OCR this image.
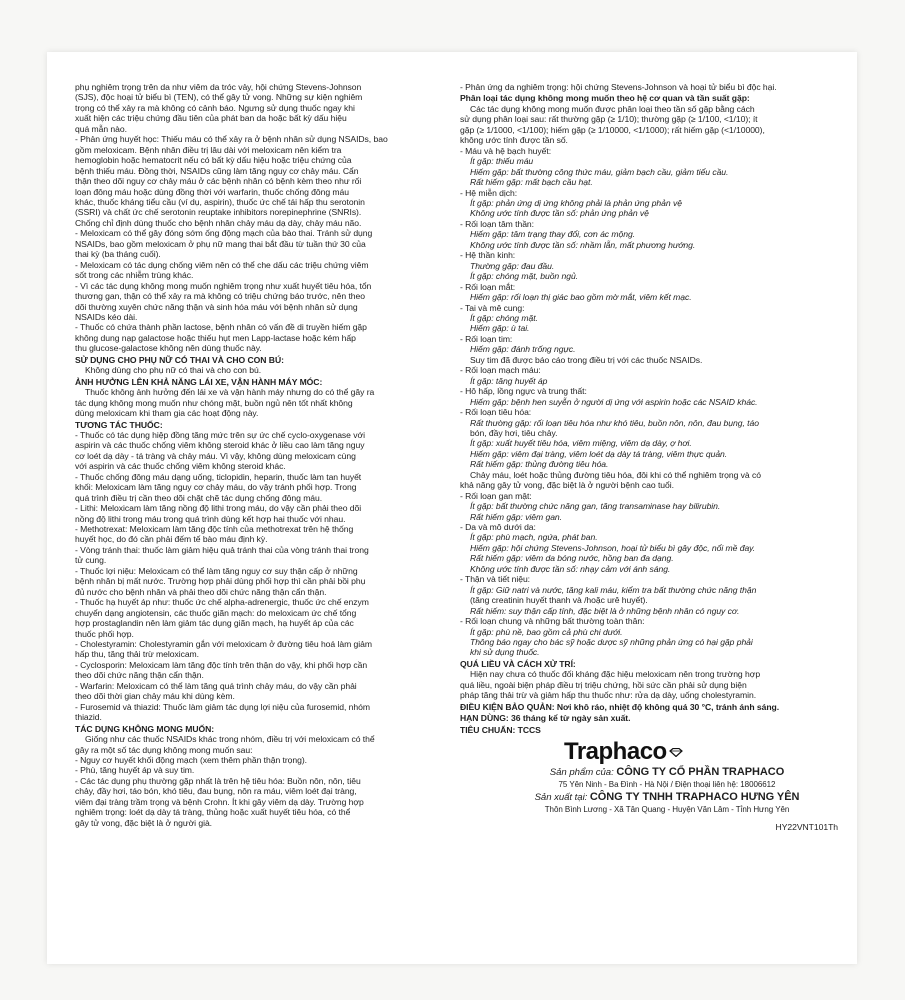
phụ nghiêm trọng trên da như viêm da tróc vảy, hội chứng Stevens-Johnson

(SJS), độc hoại tử biểu bì (TEN), có thể gây tử vong. Những sự kiện nghiêm

trọng có thể xảy ra mà không có cảnh báo. Ngưng sử dụng thuốc ngay khi

xuất hiện các triệu chứng đầu tiên của phát ban da hoặc bất kỳ dấu hiệu

quá mẫn nào.

- Phản ứng huyết học: Thiếu máu có thể xảy ra ở bệnh nhân sử dụng NSAIDs, bao

gồm meloxicam. Bệnh nhân điều trị lâu dài với meloxicam nên kiểm tra

hemoglobin hoặc hematocrit nếu có bất kỳ dấu hiệu hoặc triệu chứng của

bệnh thiếu máu. Đồng thời, NSAIDs cũng làm tăng nguy cơ chảy máu. Cẩn

thận theo dõi nguy cơ chảy máu ở các bệnh nhân có bệnh kèm theo như rối

loạn đông máu hoặc dùng đồng thời với warfarin, thuốc chống đông máu

khác, thuốc kháng tiểu cầu (ví dụ, aspirin), thuốc ức chế tái hấp thu serotonin

(SSRI) và chất ức chế serotonin reuptake inhibitors norepinephrine (SNRIs).

Chống chỉ định dùng thuốc cho bệnh nhân chảy máu dạ dày, chảy máu não.

- Meloxicam có thể gây đóng sớm ống động mạch của bào thai. Tránh sử dụng

NSAIDs, bao gồm meloxicam ở phụ nữ mang thai bắt đầu từ tuần thứ 30 của

thai kỳ (ba tháng cuối).

- Meloxicam có tác dụng chống viêm nên có thể che dấu các triệu chứng viêm

sốt trong các nhiễm trùng khác.

- Vì các tác dụng không mong muốn nghiêm trọng như xuất huyết tiêu hóa, tổn

thương gan, thận có thể xảy ra mà không có triệu chứng báo trước, nên theo

dõi thường xuyên chức năng thận và sinh hóa máu với bệnh nhân sử dụng

NSAIDs kéo dài.

- Thuốc có chứa thành phần lactose, bệnh nhân có vấn đề di truyền hiếm gặp

không dung nạp galactose hoặc thiếu hụt men Lapp-lactase hoặc kém hấp

thu glucose-galactose không nên dùng thuốc này.

SỬ DỤNG CHO PHỤ NỮ CÓ THAI VÀ CHO CON BÚ:

Không dùng cho phụ nữ có thai và cho con bú.

ẢNH HƯỞNG LÊN KHẢ NĂNG LÁI XE, VẬN HÀNH MÁY MÓC:

Thuốc không ảnh hưởng đến lái xe và vận hành máy nhưng do có thể gây ra

tác dụng không mong muốn như chóng mặt, buồn ngủ nên tốt nhất không

dùng meloxicam khi tham gia các hoạt động này.

TƯƠNG TÁC THUỐC:

- Thuốc có tác dụng hiệp đồng tăng mức trên sự ức chế cyclo-oxygenase với

aspirin và các thuốc chống viêm không steroid khác ở liều cao làm tăng nguy

cơ loét dạ dày - tá tràng và chảy máu. Vì vậy, không dùng meloxicam cùng

với aspirin và các thuốc chống viêm không steroid khác.

- Thuốc chống đông máu dạng uống, ticlopidin, heparin, thuốc làm tan huyết

khối: Meloxicam làm tăng nguy cơ chảy máu, do vậy tránh phối hợp. Trong

quá trình điều trị cần theo dõi chặt chẽ tác dụng chống đông máu.

- Lithi: Meloxicam làm tăng nồng độ lithi trong máu, do vậy cần phải theo dõi

nồng độ lithi trong máu trong quá trình dùng kết hợp hai thuốc với nhau.

- Methotrexat: Meloxicam làm tăng độc tính của methotrexat trên hệ thống

huyết học, do đó cần phải đếm tế bào máu định kỳ.

- Vòng tránh thai: thuốc làm giảm hiệu quả tránh thai của vòng tránh thai trong

tử cung.

- Thuốc lợi niệu: Meloxicam có thể làm tăng nguy cơ suy thận cấp ở những

bệnh nhân bị mất nước. Trường hợp phải dùng phối hợp thì cần phải bồi phụ

đủ nước cho bệnh nhân và phải theo dõi chức năng thận cẩn thận.

- Thuốc hạ huyết áp như: thuốc ức chế alpha-adrenergic, thuốc ức chế enzym

chuyển dạng angiotensin, các thuốc giãn mạch: do meloxicam ức chế tổng

hợp prostaglandin nên làm giảm tác dụng giãn mạch, hạ huyết áp của các

thuốc phối hợp.

- Cholestyramin: Cholestyramin gắn với meloxicam ở đường tiêu hoá làm giảm

hấp thu, tăng thải trừ meloxicam.

- Cyclosporin: Meloxicam làm tăng độc tính trên thận do vậy, khi phối hợp cần

theo dõi chức năng thận cẩn thận.

- Warfarin: Meloxicam có thể làm tăng quá trình chảy máu, do vậy cần phải

theo dõi thời gian chảy máu khi dùng kèm.

- Furosemid và thiazid: Thuốc làm giảm tác dụng lợi niệu của furosemid, nhóm

thiazid.

TÁC DỤNG KHÔNG MONG MUỐN:

Giống như các thuốc NSAIDs khác trong nhóm, điều trị với meloxicam có thể

gây ra một số tác dụng không mong muốn sau:

- Nguy cơ huyết khối động mạch (xem thêm phần thận trọng).

- Phù, tăng huyết áp và suy tim.

- Các tác dụng phụ thường gặp nhất là trên hệ tiêu hóa: Buồn nôn, nôn, tiêu

chảy, đầy hơi, táo bón, khó tiêu, đau bụng, nôn ra máu, viêm loét đại tràng,

viêm đại tràng trầm trọng và bệnh Crohn. Ít khi gây viêm dạ dày. Trường hợp

nghiêm trọng: loét dạ dày tá tràng, thủng hoặc xuất huyết tiêu hóa, có thể

gây tử vong, đặc biệt là ở người già.

- Phản ứng da nghiêm trọng: hội chứng Stevens-Johnson và hoại tử biểu bì độc hại.

Phân loại tác dụng không mong muốn theo hệ cơ quan và tần suất gặp:

Các tác dụng không mong muốn được phân loại theo tần số gặp bằng cách

sử dụng phân loại sau: rất thường gặp (≥ 1/10); thường gặp (≥ 1/100, <1/10); ít

gặp (≥ 1/1000, <1/100); hiếm gặp (≥ 1/10000, <1/1000); rất hiếm gặp (<1/10000),

không ước tính được tần số.

- Máu và hệ bạch huyết:

Ít gặp: thiếu máu

Hiếm gặp: bất thường công thức máu, giảm bạch cầu, giảm tiểu cầu.

Rất hiếm gặp: mất bạch cầu hạt.

- Hệ miễn dịch:

Ít gặp: phản ứng dị ứng không phải là phản ứng phản vệ

Không ước tính được tần số: phản ứng phản vệ

- Rối loạn tâm thần:

Hiếm gặp: tâm trạng thay đổi, cơn ác mộng.

Không ước tính được tần số: nhầm lẫn, mất phương hướng.

- Hệ thần kinh:

Thường gặp: đau đầu.

Ít gặp: chóng mặt, buồn ngủ.

- Rối loạn mắt:

Hiếm gặp: rối loạn thị giác bao gồm mờ mắt, viêm kết mạc.

- Tai và mê cung:

Ít gặp: chóng mặt.

Hiếm gặp: ù tai.

- Rối loạn tim:

Hiếm gặp: đánh trống ngực.

Suy tim đã được báo cáo trong điều trị với các thuốc NSAIDs.

- Rối loạn mạch máu:

Ít gặp: tăng huyết áp

- Hô hấp, lồng ngực và trung thất:

Hiếm gặp: bệnh hen suyễn ở người dị ứng với aspirin hoặc các NSAID khác.

- Rối loạn tiêu hóa:

Rất thường gặp: rối loạn tiêu hóa như khó tiêu, buồn nôn, nôn, đau bụng, táo

bón, đầy hơi, tiêu chảy.

Ít gặp: xuất huyết tiêu hóa, viêm miệng, viêm dạ dày, ợ hơi.

Hiếm gặp: viêm đại tràng, viêm loét dạ dày tá tràng, viêm thực quản.

Rất hiếm gặp: thủng đường tiêu hóa.

Chảy máu, loét hoặc thủng đường tiêu hóa, đôi khi có thể nghiêm trọng và có

khả năng gây tử vong, đặc biệt là ở người bệnh cao tuổi.

- Rối loạn gan mật:

Ít gặp: bất thường chức năng gan, tăng transaminase hay bilirubin.

Rất hiếm gặp: viêm gan.

- Da và mô dưới da:

Ít gặp: phù mạch, ngứa, phát ban.

Hiếm gặp: hội chứng Stevens-Johnson, hoại tử biểu bì gây độc, nổi mề đay.

Rất hiếm gặp: viêm da bóng nước, hồng ban đa dạng.

Không ước tính được tần số: nhạy cảm với ánh sáng.

- Thận và tiết niệu:

Ít gặp: Giữ natri và nước, tăng kali máu, kiểm tra bất thường chức năng thận

(tăng creatinin huyết thanh và /hoặc urê huyết).

Rất hiếm: suy thận cấp tính, đặc biệt là ở những bệnh nhân có nguy cơ.

- Rối loạn chung và những bất thường toàn thân:

Ít gặp: phù nề, bao gồm cả phù chi dưới.

Thông báo ngay cho bác sỹ hoặc dược sỹ những phản ứng có hại gặp phải

khi sử dụng thuốc.

QUÁ LIỀU VÀ CÁCH XỬ TRÍ:

Hiện nay chưa có thuốc đối kháng đặc hiệu meloxicam nên trong trường hợp

quá liều, ngoài biện pháp điều trị triệu chứng, hồi sức cần phải sử dụng biện

pháp tăng thải trừ và giảm hấp thu thuốc như: rửa dạ dày, uống cholestyramin.

ĐIỀU KIỆN BẢO QUẢN: Nơi khô ráo, nhiệt độ không quá 30 °C, tránh ánh sáng.

HẠN DÙNG: 36 tháng kể từ ngày sản xuất.

TIÊU CHUẨN: TCCS

Traphaco
Sản phẩm của: CÔNG TY CỔ PHẦN TRAPHACO
75 Yên Ninh - Ba Đình - Hà Nội / Điện thoại liên hệ: 18006612
Sản xuất tại: CÔNG TY TNHH TRAPHACO HƯNG YÊN
Thôn Bình Lương - Xã Tân Quang - Huyện Văn Lâm - Tỉnh Hưng Yên
HY22VNT101Th
